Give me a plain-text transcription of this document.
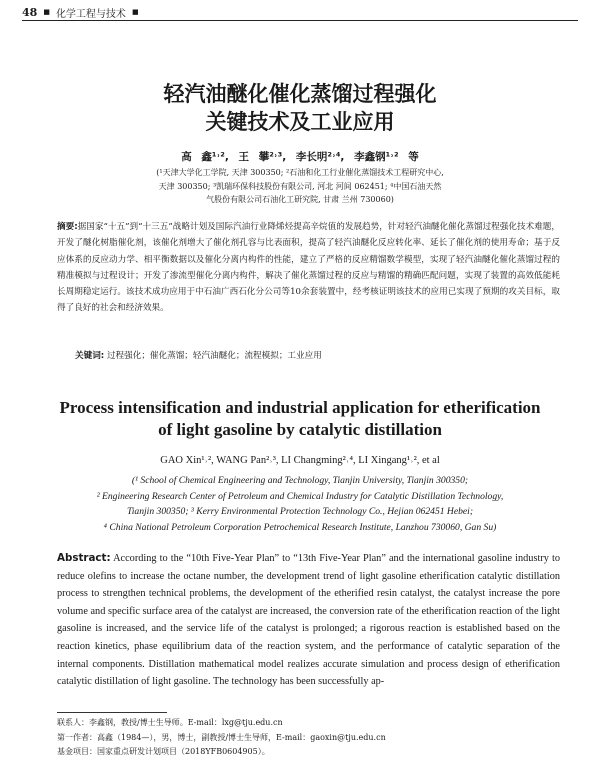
48 ■ 化学工程与技术 ■
轻汽油醚化催化蒸馏过程强化
关键技术及工业应用
高 鑫¹˒², 王 攀²˒³, 李长明²˒⁴, 李鑫钢¹˒² 等
(¹天津大学化工学院, 天津 300350; ²石油和化工行业催化蒸馏技术工程研究中心,
天津 300350; ³凯瑞环保科技股份有限公司, 河北 河间 062451; ⁴中国石油天然
气股份有限公司石油化工研究院, 甘肃 兰州 730060)
摘要:据国家“十五”到“十三五”战略计划及国际汽油行业降烯烃提高辛烷值的发展趋势，针对轻汽油醚化催化蒸馏过程强化技术难题，开发了醚化树脂催化剂，该催化剂增大了催化剂孔容与比表面积，提高了轻汽油醚化反应转化率、延长了催化剂的使用寿命；基于反应体系的反应动力学、相平衡数据以及催化分离内构件的性能，建立了严格的反应精馏数学模型，实现了轻汽油醚化催化蒸馏过程的精准模拟与过程设计；开发了渗流型催化分离内构件，解决了催化蒸馏过程的反应与精馏的精确匹配问题，实现了装置的高效低能耗长周期稳定运行。该技术成功应用于中石油广西石化分公司等10余套装置中，经考核证明该技术的应用已实现了预期的攻关目标，取得了良好的社会和经济效果。
关键词: 过程强化；催化蒸馏；轻汽油醚化；流程模拟；工业应用
Process intensification and industrial application for etherification
of light gasoline by catalytic distillation
GAO Xin¹˒², WANG Pan²˒³, LI Changming²˒⁴, LI Xingang¹˒², et al
(¹ School of Chemical Engineering and Technology, Tianjin University, Tianjin 300350;
² Engineering Research Center of Petroleum and Chemical Industry for Catalytic Distillation Technology,
Tianjin 300350; ³ Kerry Environmental Protection Technology Co., Hejian 062451 Hebei;
⁴ China National Petroleum Corporation Petrochemical Research Institute, Lanzhou 730060, Gan Su)
Abstract: According to the “10th Five-Year Plan” to “13th Five-Year Plan” and the international gasoline industry to reduce olefins to increase the octane number, the development trend of light gasoline etherification catalytic distillation process to strengthen technical problems, the development of the etherified resin catalyst, the catalyst increase the pore volume and specific surface area of the catalyst are increased, the conversion rate of the etherification reaction of the light gasoline is increased, and the service life of the catalyst is prolonged; a rigorous reaction is established based on the reaction kinetics, phase equilibrium data of the reaction system, and the performance of catalytic separation of the internal components. Distillation mathematical model realizes accurate simulation and process design of etherification catalytic distillation of light gasoline. The technology has been successfully ap-
联系人：李鑫钢，教授/博士生导师。E-mail：lxg@tju.edu.cn
第一作者：高鑫（1984—），男，博士，副教授/博士生导师，E-mail：gaoxin@tju.edu.cn
基金项目：国家重点研发计划项目（2018YFB0604905）。
